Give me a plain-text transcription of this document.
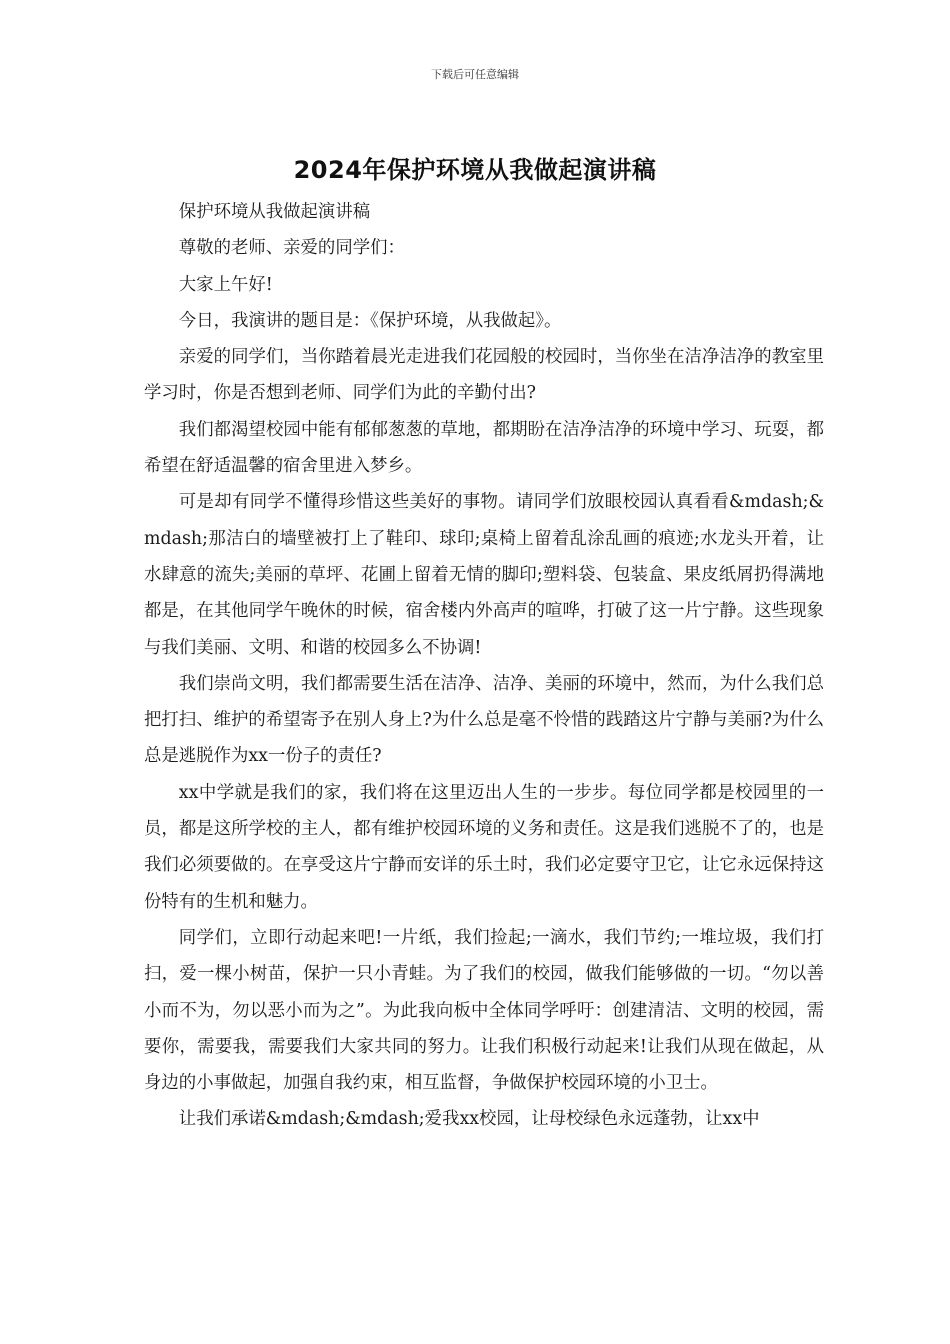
下载后可任意编辑
2024年保护环境从我做起演讲稿

保护环境从我做起演讲稿

尊敬的老师、亲爱的同学们：

大家上午好!

今日，我演讲的题目是：《保护环境，从我做起》。

亲爱的同学们，当你踏着晨光走进我们花园般的校园时，当你坐在洁净洁净的教室里学习时，你是否想到老师、同学们为此的辛勤付出?

我们都渴望校园中能有郁郁葱葱的草地，都期盼在洁净洁净的环境中学习、玩耍，都希望在舒适温馨的宿舍里进入梦乡。

可是却有同学不懂得珍惜这些美好的事物。请同学们放眼校园认真看看&mdash;&mdash;那洁白的墙壁被打上了鞋印、球印;桌椅上留着乱涂乱画的痕迹;水龙头开着，让水肆意的流失;美丽的草坪、花圃上留着无情的脚印;塑料袋、包装盒、果皮纸屑扔得满地都是，在其他同学午晚休的时候，宿舍楼内外高声的喧哗，打破了这一片宁静。这些现象与我们美丽、文明、和谐的校园多么不协调!

我们崇尚文明，我们都需要生活在洁净、洁净、美丽的环境中，然而，为什么我们总把打扫、维护的希望寄予在别人身上?为什么总是毫不怜惜的践踏这片宁静与美丽?为什么总是逃脱作为xx一份子的责任?

xx中学就是我们的家，我们将在这里迈出人生的一步步。每位同学都是校园里的一员，都是这所学校的主人，都有维护校园环境的义务和责任。这是我们逃脱不了的，也是我们必须要做的。在享受这片宁静而安详的乐土时，我们必定要守卫它，让它永远保持这份特有的生机和魅力。

同学们，立即行动起来吧!一片纸，我们捡起;一滴水，我们节约;一堆垃圾，我们打扫，爱一棵小树苗，保护一只小青蛙。为了我们的校园，做我们能够做的一切。“勿以善小而不为，勿以恶小而为之”。为此我向板中全体同学呼吁：创建清洁、文明的校园，需要你，需要我，需要我们大家共同的努力。让我们积极行动起来!让我们从现在做起，从身边的小事做起，加强自我约束，相互监督，争做保护校园环境的小卫士。

让我们承诺&mdash;&mdash;爱我xx校园，让母校绿色永远蓬勃，让xx中
